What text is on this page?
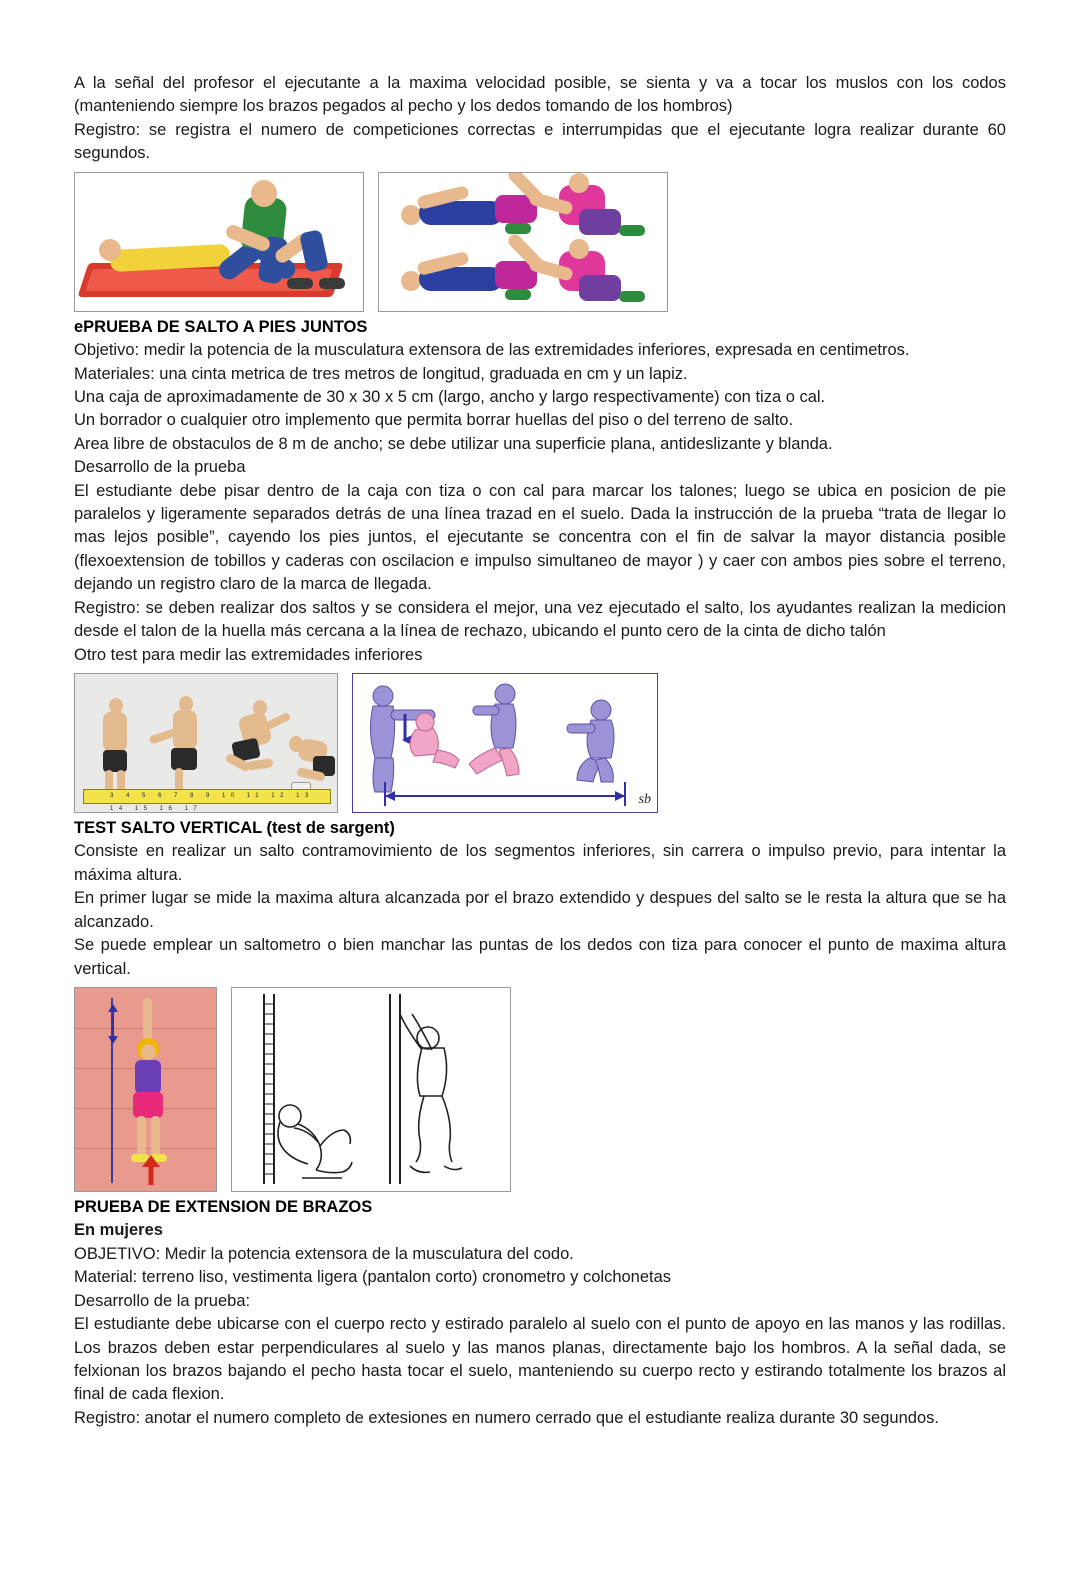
A la señal del profesor el ejecutante a la maxima velocidad posible, se sienta y va a tocar los muslos con los codos (manteniendo siempre los brazos pegados al pecho y los dedos tomando de los hombros)
Registro: se registra el numero de competiciones correctas e interrumpidas que el ejecutante logra realizar durante 60 segundos.
ePRUEBA DE SALTO A PIES JUNTOS
Objetivo: medir la potencia de la musculatura extensora de las extremidades inferiores, expresada en centimetros.
Materiales: una cinta metrica de tres metros de longitud, graduada en cm y un lapiz.
Una caja de aproximadamente de 30 x 30 x 5 cm (largo, ancho y largo respectivamente) con tiza o cal.
Un borrador o cualquier otro implemento que permita borrar huellas del piso o del terreno de salto.
Area libre de obstaculos de 8 m de ancho; se debe utilizar una superficie plana, antideslizante y blanda.
Desarrollo de la prueba
El estudiante debe pisar dentro de la caja con tiza o con cal para marcar los talones; luego se ubica en posicion de pie paralelos y ligeramente separados detrás de una línea trazad en el suelo. Dada la instrucción de la prueba “trata de llegar lo mas lejos posible”, cayendo los pies juntos, el ejecutante se concentra con el fin de salvar la mayor distancia posible (flexoextension de tobillos y caderas con oscilacion e impulso simultaneo de mayor ) y caer con ambos pies sobre el terreno, dejando un registro claro de la marca de llegada.
Registro: se deben realizar dos saltos y se considera el mejor, una vez ejecutado el salto, los ayudantes realizan la medicion desde el talon de la huella más cercana a la línea de rechazo, ubicando el punto cero de la cinta de dicho talón
Otro test para medir las extremidades inferiores
3 4 5 6 7 8 9 10 11 12 13 14 15 16 17
sb
TEST SALTO VERTICAL (test de sargent)
Consiste en realizar un salto contramovimiento de los segmentos inferiores, sin carrera o impulso previo, para intentar la máxima altura.
En primer lugar se mide la maxima altura alcanzada por el brazo extendido y despues del salto se le resta la altura que se ha alcanzado.
Se puede emplear un saltometro o bien manchar las puntas de los dedos con tiza para conocer el punto de maxima altura vertical.
PRUEBA DE EXTENSION DE BRAZOS
En mujeres
OBJETIVO: Medir la potencia extensora de la musculatura del codo.
Material: terreno liso, vestimenta ligera (pantalon corto) cronometro y colchonetas
Desarrollo de la prueba:
El estudiante debe ubicarse con el cuerpo recto y estirado paralelo al suelo con el punto de apoyo en las manos y las rodillas. Los brazos deben estar perpendiculares al suelo y las manos planas, directamente bajo los hombros. A la señal dada, se felxionan los brazos bajando el pecho hasta tocar el suelo, manteniendo su cuerpo recto y estirando totalmente los brazos al final de cada flexion.
Registro: anotar el numero completo de extesiones en numero cerrado que el estudiante realiza durante 30 segundos.
